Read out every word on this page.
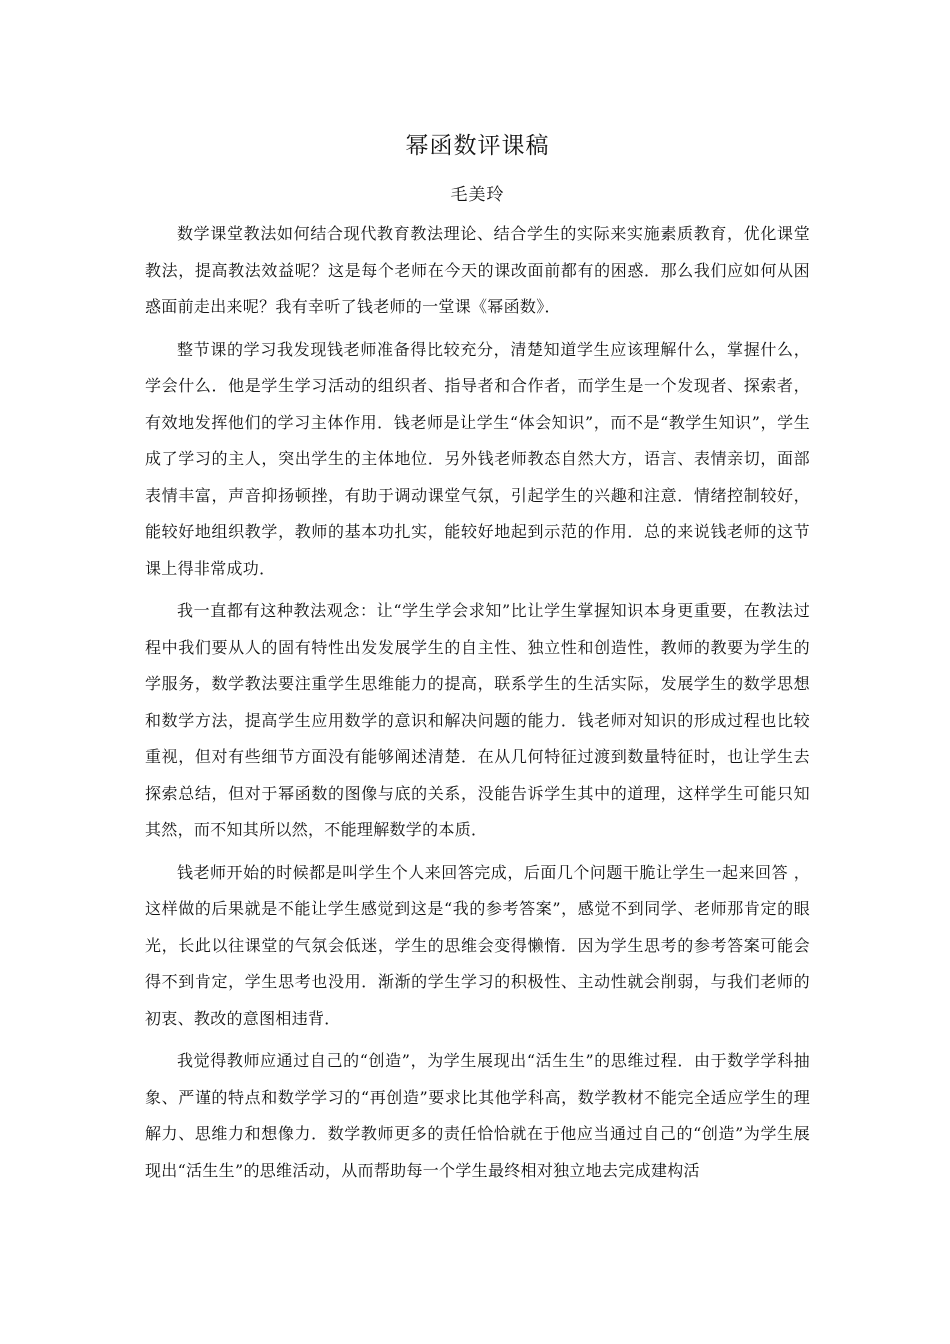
幂函数评课稿
毛美玲

数学课堂教法如何结合现代教育教法理论、结合学生的实际来实施素质教育，优化课堂教法，提高教法效益呢？这是每个老师在今天的课改面前都有的困惑．那么我们应如何从困惑面前走出来呢？我有幸听了钱老师的一堂课《幂函数》．

整节课的学习我发现钱老师准备得比较充分，清楚知道学生应该理解什么，掌握什么，学会什么．他是学生学习活动的组织者、指导者和合作者，而学生是一个发现者、探索者，有效地发挥他们的学习主体作用．钱老师是让学生“体会知识”，而不是“教学生知识”，学生成了学习的主人，突出学生的主体地位．另外钱老师教态自然大方，语言、表情亲切，面部表情丰富，声音抑扬顿挫，有助于调动课堂气氛，引起学生的兴趣和注意．情绪控制较好，能较好地组织教学，教师的基本功扎实，能较好地起到示范的作用．总的来说钱老师的这节课上得非常成功．

我一直都有这种教法观念：让“学生学会求知”比让学生掌握知识本身更重要，在教法过程中我们要从人的固有特性出发发展学生的自主性、独立性和创造性，教师的教要为学生的学服务，数学教法要注重学生思维能力的提高，联系学生的生活实际，发展学生的数学思想和数学方法，提高学生应用数学的意识和解决问题的能力．钱老师对知识的形成过程也比较重视，但对有些细节方面没有能够阐述清楚．在从几何特征过渡到数量特征时，也让学生去探索总结，但对于幂函数的图像与底的关系，没能告诉学生其中的道理，这样学生可能只知其然，而不知其所以然，不能理解数学的本质．

钱老师开始的时候都是叫学生个人来回答完成，后面几个问题干脆让学生一起来回答 ，这样做的后果就是不能让学生感觉到这是“我的参考答案”，感觉不到同学、老师那肯定的眼光，长此以往课堂的气氛会低迷，学生的思维会变得懒惰．因为学生思考的参考答案可能会得不到肯定，学生思考也没用．渐渐的学生学习的积极性、主动性就会削弱，与我们老师的初衷、教改的意图相违背．

我觉得教师应通过自己的“创造”，为学生展现出“活生生”的思维过程．由于数学学科抽象、严谨的特点和数学学习的“再创造”要求比其他学科高，数学教材不能完全适应学生的理解力、思维力和想像力．数学教师更多的责任恰恰就在于他应当通过自己的“创造”为学生展现出“活生生”的思维活动，从而帮助每一个学生最终相对独立地去完成建构活
